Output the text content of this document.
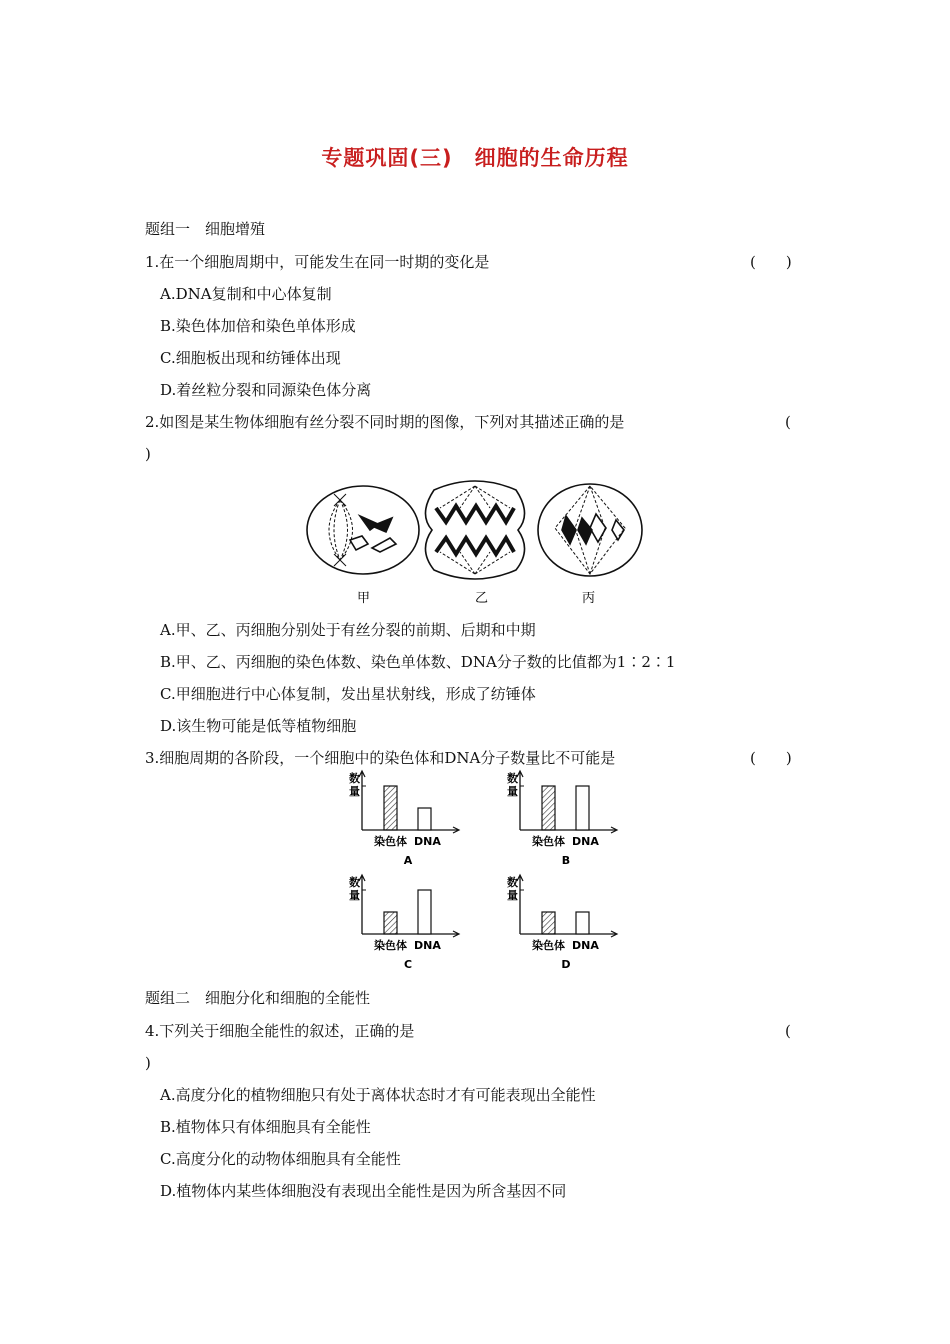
专题巩固(三)　细胞的生命历程
题组一　细胞增殖
1.在一个细胞周期中，可能发生在同一时期的变化是	(　　)
A.DNA复制和中心体复制
B.染色体加倍和染色单体形成
C.细胞板出现和纺锤体出现
D.着丝粒分裂和同源染色体分离
2.如图是某生物体细胞有丝分裂不同时期的图像，下列对其描述正确的是	(
)
甲	乙	丙
A.甲、乙、丙细胞分别处于有丝分裂的前期、后期和中期
B.甲、乙、丙细胞的染色体数、染色单体数、DNA分子数的比值都为1∶2∶1
C.甲细胞进行中心体复制，发出星状射线，形成了纺锤体
D.该生物可能是低等植物细胞
3.细胞周期的各阶段，一个细胞中的染色体和DNA分子数量比不可能是	(　　)
数
量
染色体 DNA
A
数
量
染色体 DNA
B
数
量
染色体 DNA
C
数
量
染色体 DNA
D
题组二　细胞分化和细胞的全能性
4.下列关于细胞全能性的叙述，正确的是	(
)
A.高度分化的植物细胞只有处于离体状态时才有可能表现出全能性
B.植物体只有体细胞具有全能性
C.高度分化的动物体细胞具有全能性
D.植物体内某些体细胞没有表现出全能性是因为所含基因不同
